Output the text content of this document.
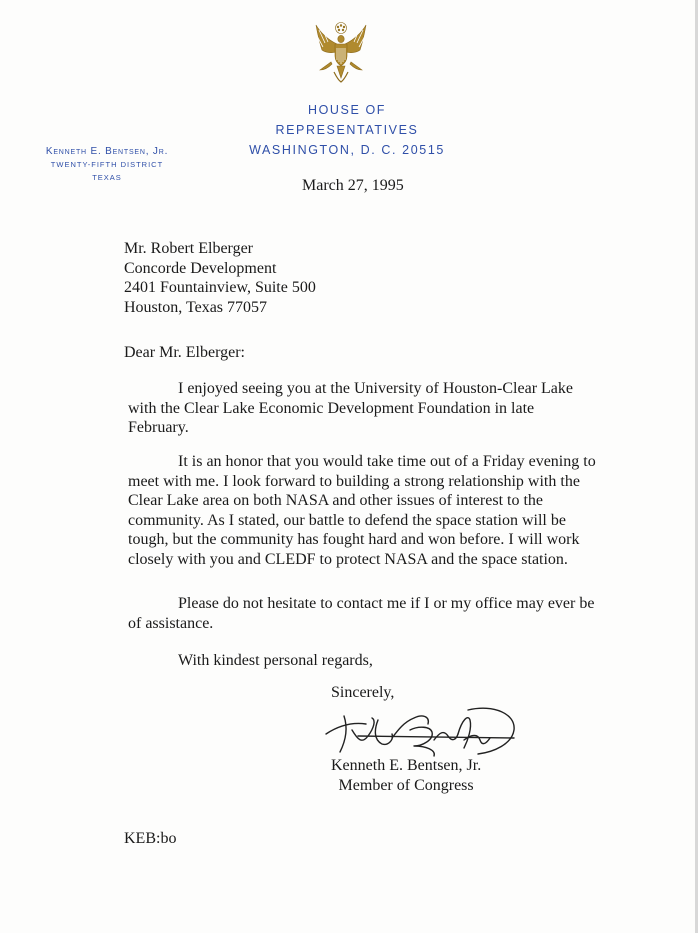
HOUSE OF REPRESENTATIVES
WASHINGTON, D. C. 20515
Kenneth E. Bentsen, Jr.
TWENTY-FIFTH DISTRICT
TEXAS	March 27, 1995
Mr. Robert Elberger
Concorde Development
2401 Fountainview, Suite 500
Houston, Texas 77057
Dear Mr. Elberger:
I enjoyed seeing you at the University of Houston-Clear Lake with the Clear Lake Economic Development Foundation in late February.
It is an honor that you would take time out of a Friday evening to meet with me. I look forward to building a strong relationship with the Clear Lake area on both NASA and other issues of interest to the community. As I stated, our battle to defend the space station will be tough, but the community has fought hard and won before. I will work closely with you and CLEDF to protect NASA and the space station.
Please do not hesitate to contact me if I or my office may ever be of assistance.
With kindest personal regards,
Sincerely,
Kenneth E. Bentsen, Jr.
Member of Congress
KEB:bo
